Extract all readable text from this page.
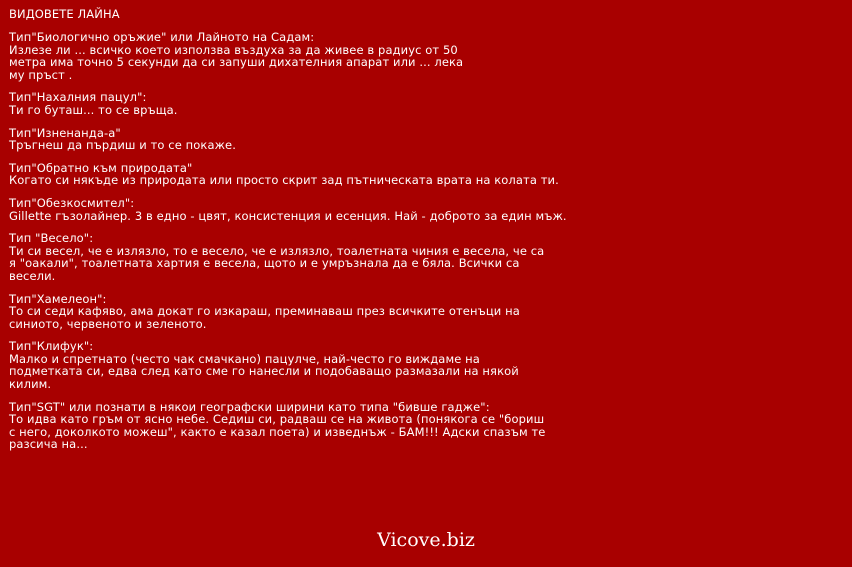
ВИДОВЕТЕ ЛАЙНА
Тип"Биологично оръжие" или Лайното на Садам:
Излезе ли ... всичко което използва въздуха за да живее в радиус от 50 метра има точно 5 секунди да си запуши дихателния апарат или ... лека му пръст .
Тип"Нахалния пацул":
Ти го буташ... то се връща.
Тип"Изненанда-а"
Тръгнеш да пърдиш и то се покаже.
Тип"Обратно към природата"
Когато си някъде из природата или просто скрит зад пътническата врата на колата ти.
Тип"Обезкосмител":
Gillette гъзолайнер. 3 в едно - цвят, консистенция и есенция. Най - доброто за един мъж.
Тип "Весело":
Ти си весел, че е излязло, то е весело, че е излязло, тоалетната чиния е весела, че са я "оакали", тоалетната хартия е весела, щото и е умръзнала да е бяла. Всички са весели.
Тип"Хамелеон":
То си седи кафяво, ама докат го изкараш, преминаваш през всичките отенъци на синиото, червеното и зеленото.
Тип"Клифук":
Малко и спретнато (често чак смачкано) пацулче, най-често го виждаме на подметката си, едва след като сме го нанесли и подобаващо размазали на някой килим.
Тип"SGT" или познати в някои географски ширини като типа "бивше гадже":
То идва като гръм от ясно небе. Седиш си, радваш се на живота (понякога се "бориш с него, доколкото можеш", както е казал поета) и изведнъж - БАМ!!! Адски спазъм те разсича на...
Vicove.biz
